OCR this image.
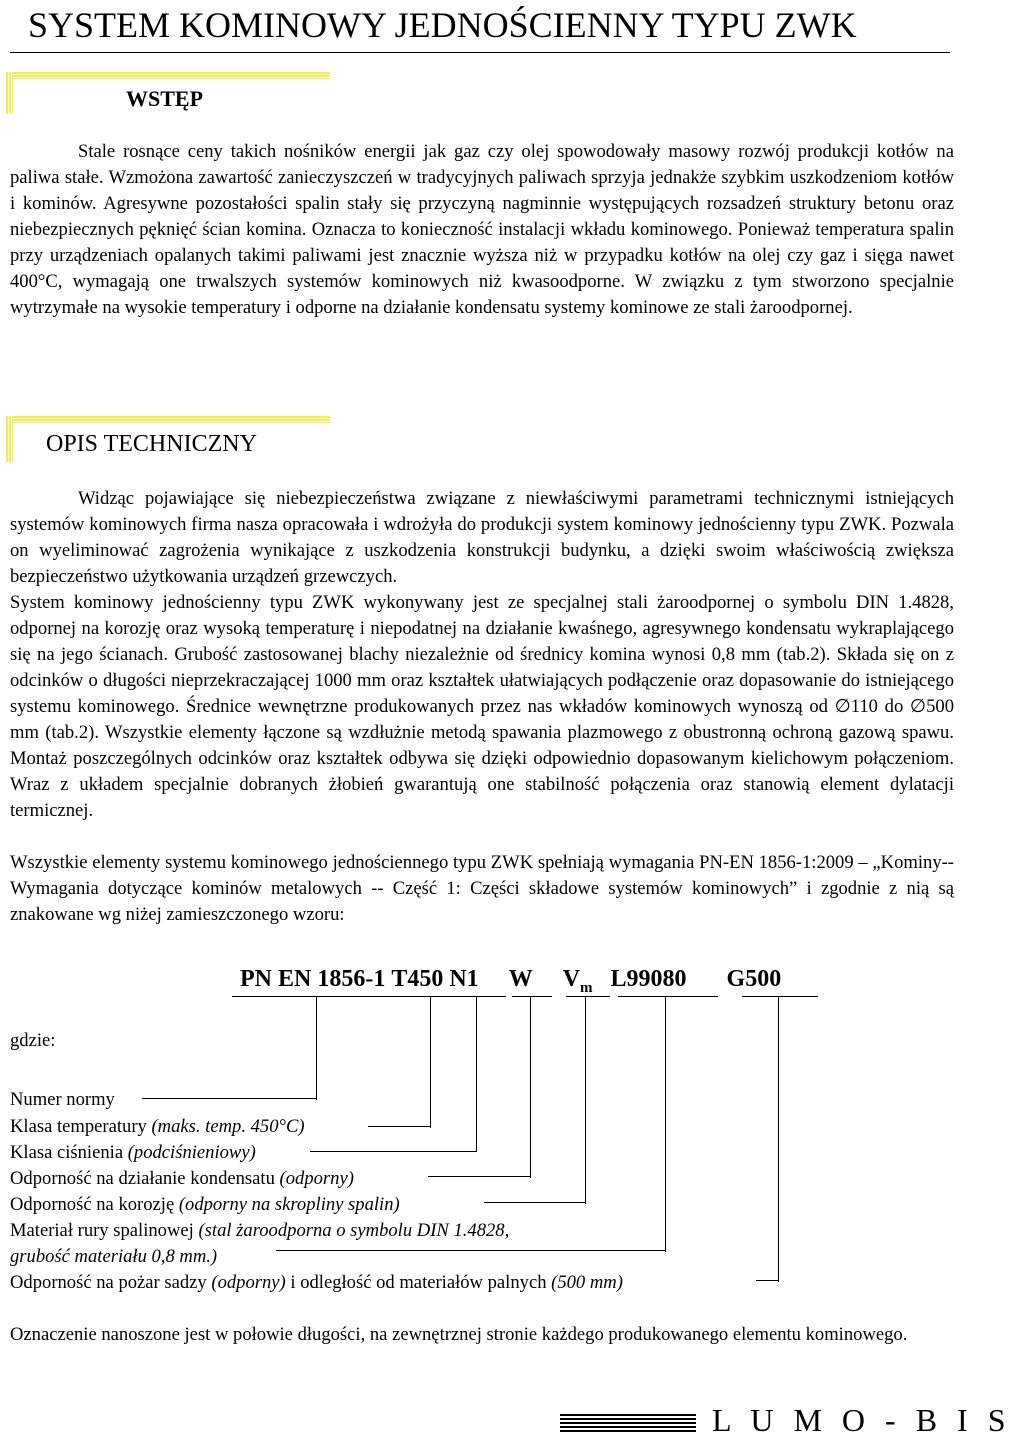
SYSTEM KOMINOWY JEDNOŚCIENNY TYPU ZWK
WSTĘP
Stale rosnące ceny takich nośników energii jak gaz czy olej spowodowały masowy rozwój produkcji kotłów na paliwa stałe. Wzmożona zawartość zanieczyszczeń w tradycyjnych paliwach sprzyja jednakże szybkim uszkodzeniom kotłów i kominów. Agresywne pozostałości spalin stały się przyczyną nagminnie występujących rozsadzeń struktury betonu oraz niebezpiecznych pęknięć ścian komina. Oznacza to konieczność instalacji wkładu kominowego. Ponieważ temperatura spalin przy urządzeniach opalanych takimi paliwami jest znacznie wyższa niż w przypadku kotłów na olej czy gaz i sięga nawet 400°C, wymagają one trwalszych systemów kominowych niż kwasoodporne. W związku z tym stworzono specjalnie wytrzymałe na wysokie temperatury i odporne na działanie kondensatu systemy kominowe ze stali żaroodpornej.
OPIS TECHNICZNY
Widząc pojawiające się niebezpieczeństwa związane z niewłaściwymi parametrami technicznymi istniejących systemów kominowych firma nasza opracowała i wdrożyła do produkcji system kominowy jednościenny typu ZWK. Pozwala on wyeliminować zagrożenia wynikające z uszkodzenia konstrukcji budynku, a dzięki swoim właściwością zwiększa bezpieczeństwo użytkowania urządzeń grzewczych.
System kominowy jednościenny typu ZWK wykonywany jest ze specjalnej stali żaroodpornej o symbolu DIN 1.4828, odpornej na korozję oraz wysoką temperaturę i niepodatnej na działanie kwaśnego, agresywnego kondensatu wykraplającego się na jego ścianach. Grubość zastosowanej blachy niezależnie od średnicy komina wynosi 0,8 mm (tab.2). Składa się on z odcinków o długości nieprzekraczającej 1000 mm oraz kształtek ułatwiających podłączenie oraz dopasowanie do istniejącego systemu kominowego. Średnice wewnętrzne produkowanych przez nas wkładów kominowych wynoszą od ∅110 do ∅500 mm (tab.2). Wszystkie elementy łączone są wzdłużnie metodą spawania plazmowego z obustronną ochroną gazową spawu. Montaż poszczególnych odcinków oraz kształtek odbywa się dzięki odpowiednio dopasowanym kielichowym połączeniom. Wraz z układem specjalnie dobranych żłobień gwarantują one stabilność połączenia oraz stanowią element dylatacji termicznej.
Wszystkie elementy systemu kominowego jednościennego typu ZWK spełniają wymagania PN-EN 1856-1:2009 – „Kominy-- Wymagania dotyczące kominów metalowych -- Część 1: Części składowe systemów kominowych” i zgodnie z nią są znakowane wg niżej zamieszczonego wzoru:
PN EN 1856-1 T450 N1 W $V_m$ L99080 G500
gdzie:
Numer normy
Klasa temperatury (maks. temp. 450°C)
Klasa ciśnienia (podciśnieniowy)
Odporność na działanie kondensatu (odporny)
Odporność na korozję (odporny na skropliny spalin)
Materiał rury spalinowej (stal żaroodporna o symbolu DIN 1.4828,
grubość materiału 0,8 mm.)
Odporność na pożar sadzy (odporny) i odległość od materiałów palnych (500 mm)
Oznaczenie nanoszone jest w połowie długości, na zewnętrznej stronie każdego produkowanego elementu kominowego.
L U M O - B I S
